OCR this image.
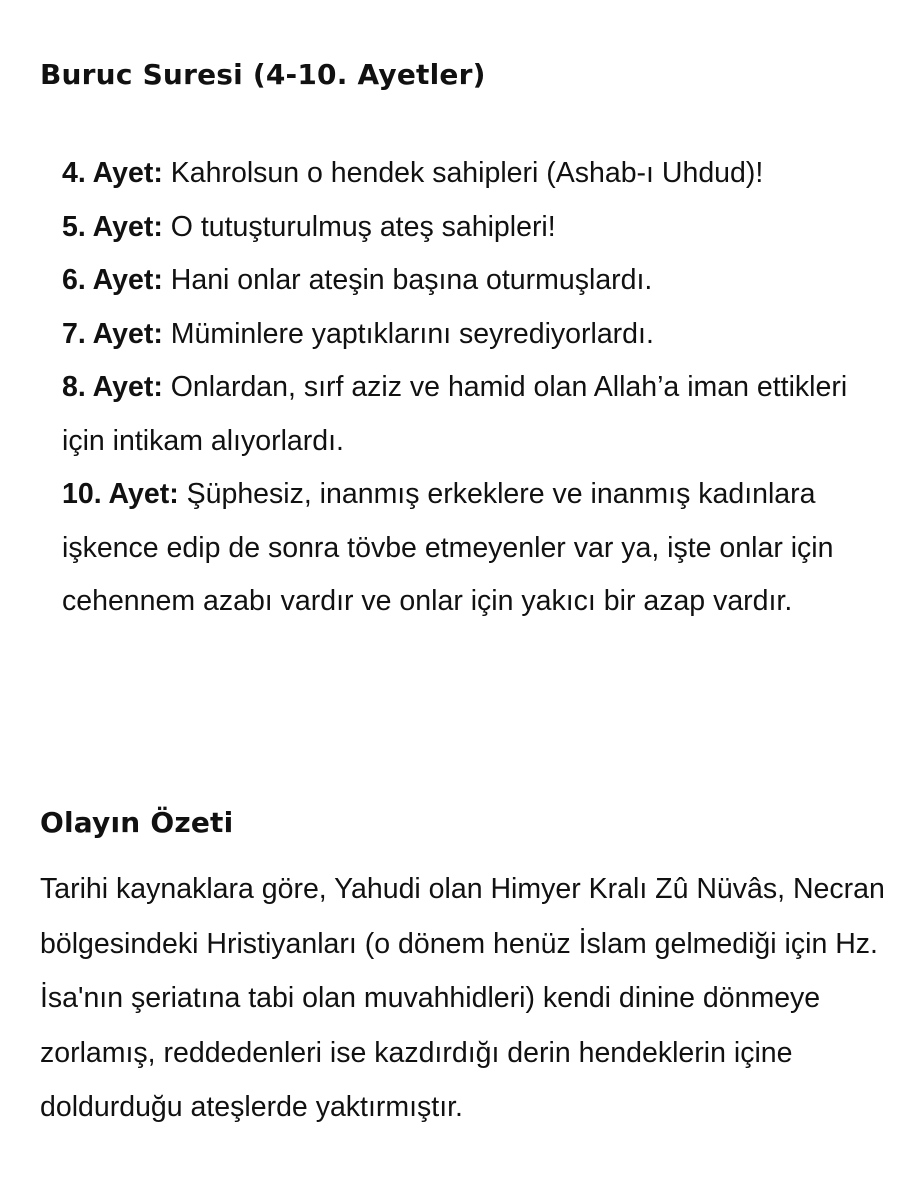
Buruc Suresi (4-10. Ayetler)
4. Ayet: Kahrolsun o hendek sahipleri (Ashab-ı Uhdud)!
5. Ayet: O tutuşturulmuş ateş sahipleri!
6. Ayet: Hani onlar ateşin başına oturmuşlardı.
7. Ayet: Müminlere yaptıklarını seyrediyorlardı.
8. Ayet: Onlardan, sırf aziz ve hamid olan Allah’a iman ettikleri için intikam alıyorlardı.
10. Ayet: Şüphesiz, inanmış erkeklere ve inanmış kadınlara işkence edip de sonra tövbe etmeyenler var ya, işte onlar için cehennem azabı vardır ve onlar için yakıcı bir azap vardır.
Olayın Özeti

Tarihi kaynaklara göre, Yahudi olan Himyer Kralı Zû Nüvâs, Necran bölgesindeki Hristiyanları (o dönem henüz İslam gelmediği için Hz. İsa'nın şeriatına tabi olan muvahhidleri) kendi dinine dönmeye zorlamış, reddedenleri ise kazdırdığı derin hendeklerin içine doldurduğu ateşlerde yaktırmıştır.
